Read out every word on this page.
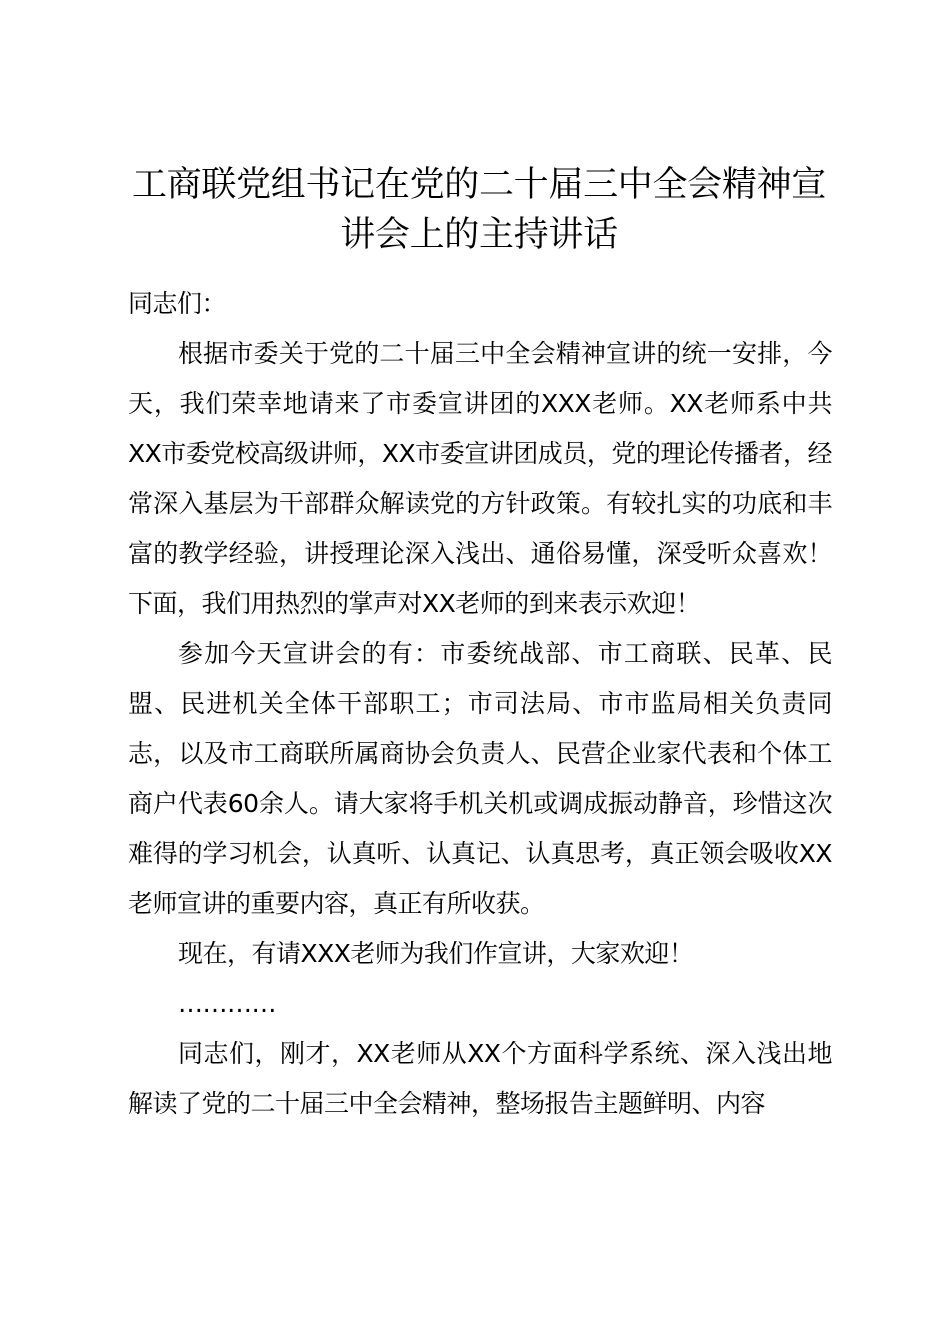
工商联党组书记在党的二十届三中全会精神宣
讲会上的主持讲话

同志们：

根据市委关于党的二十届三中全会精神宣讲的统一安排，今天，我们荣幸地请来了市委宣讲团的XXX老师。XX老师系中共XX市委党校高级讲师，XX市委宣讲团成员，党的理论传播者，经常深入基层为干部群众解读党的方针政策。有较扎实的功底和丰富的教学经验，讲授理论深入浅出、通俗易懂，深受听众喜欢！下面，我们用热烈的掌声对XX老师的到来表示欢迎！

参加今天宣讲会的有：市委统战部、市工商联、民革、民盟、民进机关全体干部职工；市司法局、市市监局相关负责同志，以及市工商联所属商协会负责人、民营企业家代表和个体工商户代表60余人。请大家将手机关机或调成振动静音，珍惜这次难得的学习机会，认真听、认真记、认真思考，真正领会吸收XX老师宣讲的重要内容，真正有所收获。

现在，有请XXX老师为我们作宣讲，大家欢迎！

…………

同志们，刚才，XX老师从XX个方面科学系统、深入浅出地解读了党的二十届三中全会精神，整场报告主题鲜明、内容
